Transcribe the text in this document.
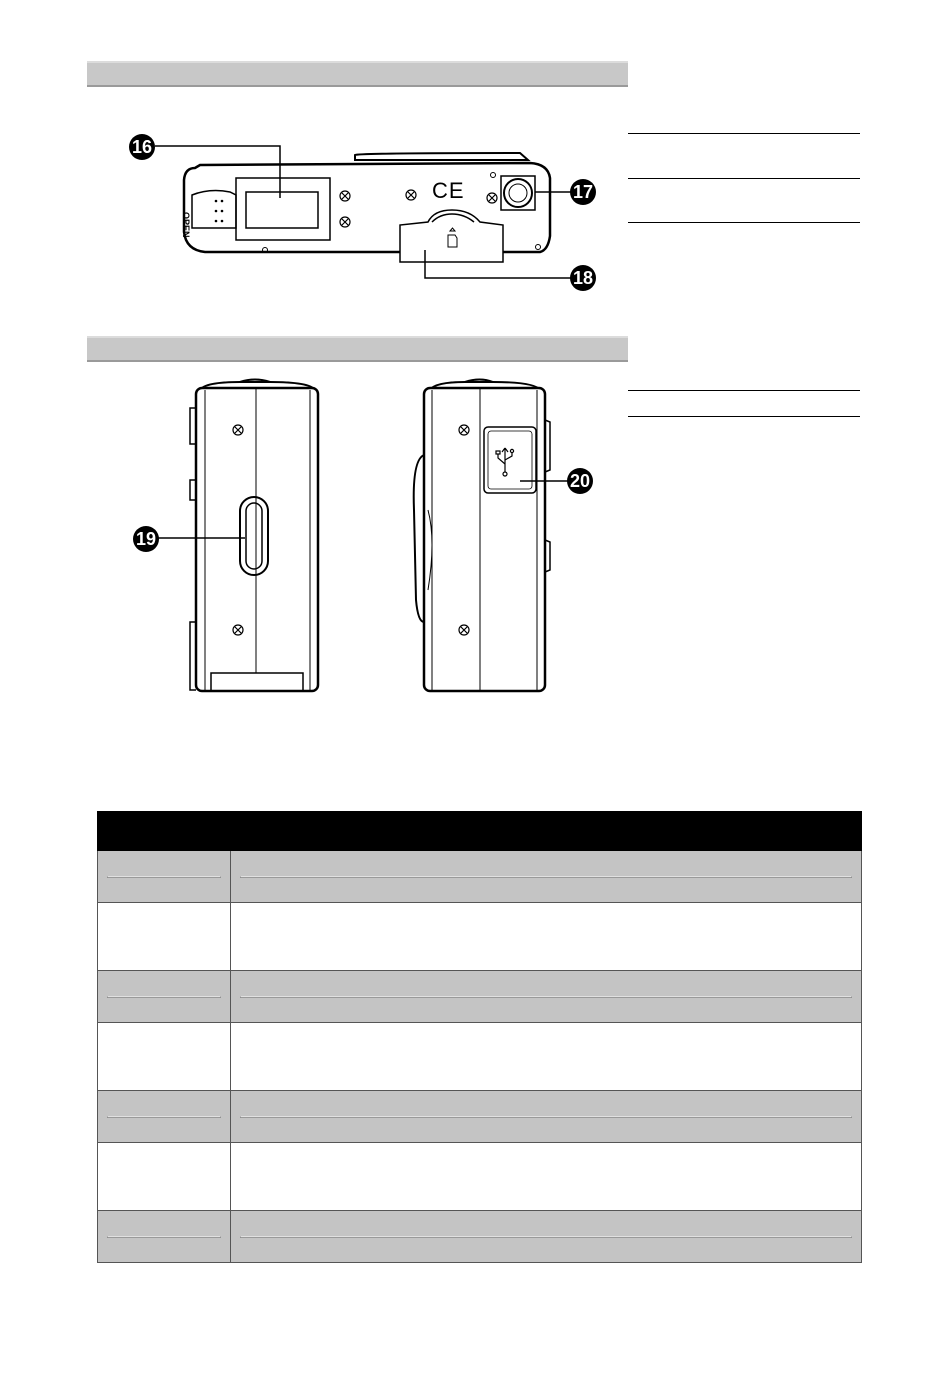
CE
OPEN
16
17
18
19
20
